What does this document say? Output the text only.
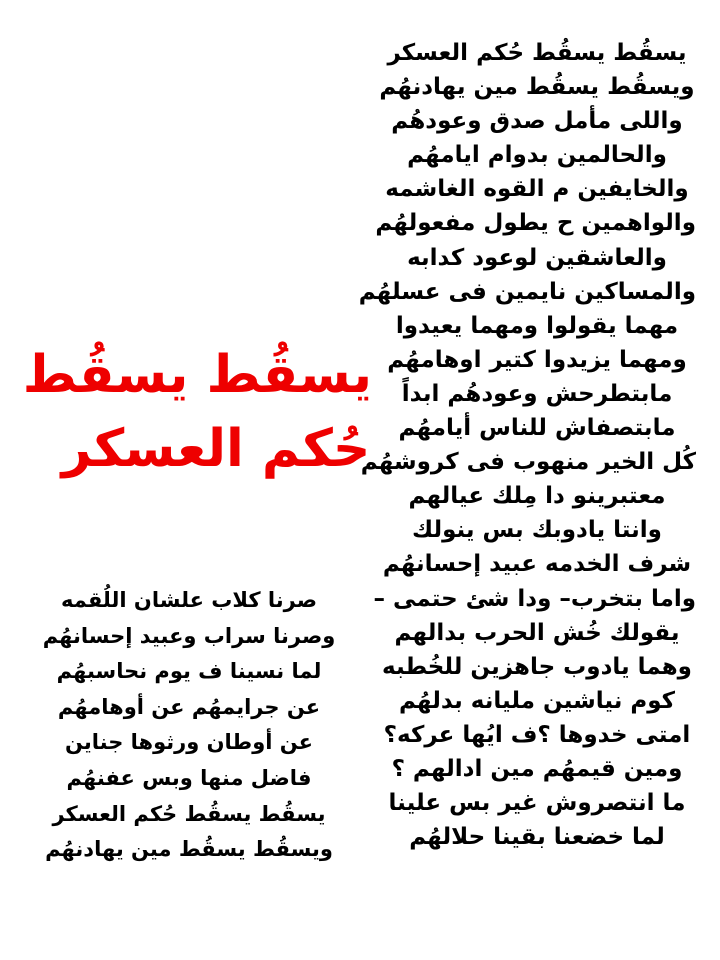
يسقُط يسقُط حُكم العسكر
ويسقُط يسقُط مين يهادنهُم
واللى مأمل صدق وعودهُم
والحالمين بدوام ايامهُم
والخايفين م القوه الغاشمه
والواهمين ح يطول مفعولهُم
والعاشقين لوعود كدابه
والمساكين نايمين فى عسلهُم
مهما يقولوا ومهما يعيدوا
ومهما يزيدوا كتير اوهامهُم
مابتطرحش وعودهُم ابداً
مابتصفاش للناس أيامهُم
كُل الخير منهوب فى كروشهُم
معتبرينو دا مِلك عيالهم
وانتا يادوبك بس ينولك
شرف الخدمه عبيد إحسانهُم
واما بتخرب– ودا شئ حتمى –
يقولك خُش الحرب بدالهم
وهما يادوب جاهزين للخُطبه
كوم نياشين مليانه بدلهُم
امتى خدوها ؟ف ايُها عركه؟
ومين قيمهُم مين ادالهم ؟
ما انتصروش غير بس علينا
لما خضعنا بقينا حلالهُم
يسقُط يسقُط
حُكم العسكر
صرنا كلاب علشان اللُقمه
وصرنا سراب وعبيد إحسانهُم
لما نسينا ف يوم نحاسبهُم
عن جرايمهُم عن أوهامهُم
عن أوطان ورثوها جناين
فاضل منها وبس عفنهُم
يسقُط يسقُط حُكم العسكر
ويسقُط يسقُط مين يهادنهُم
